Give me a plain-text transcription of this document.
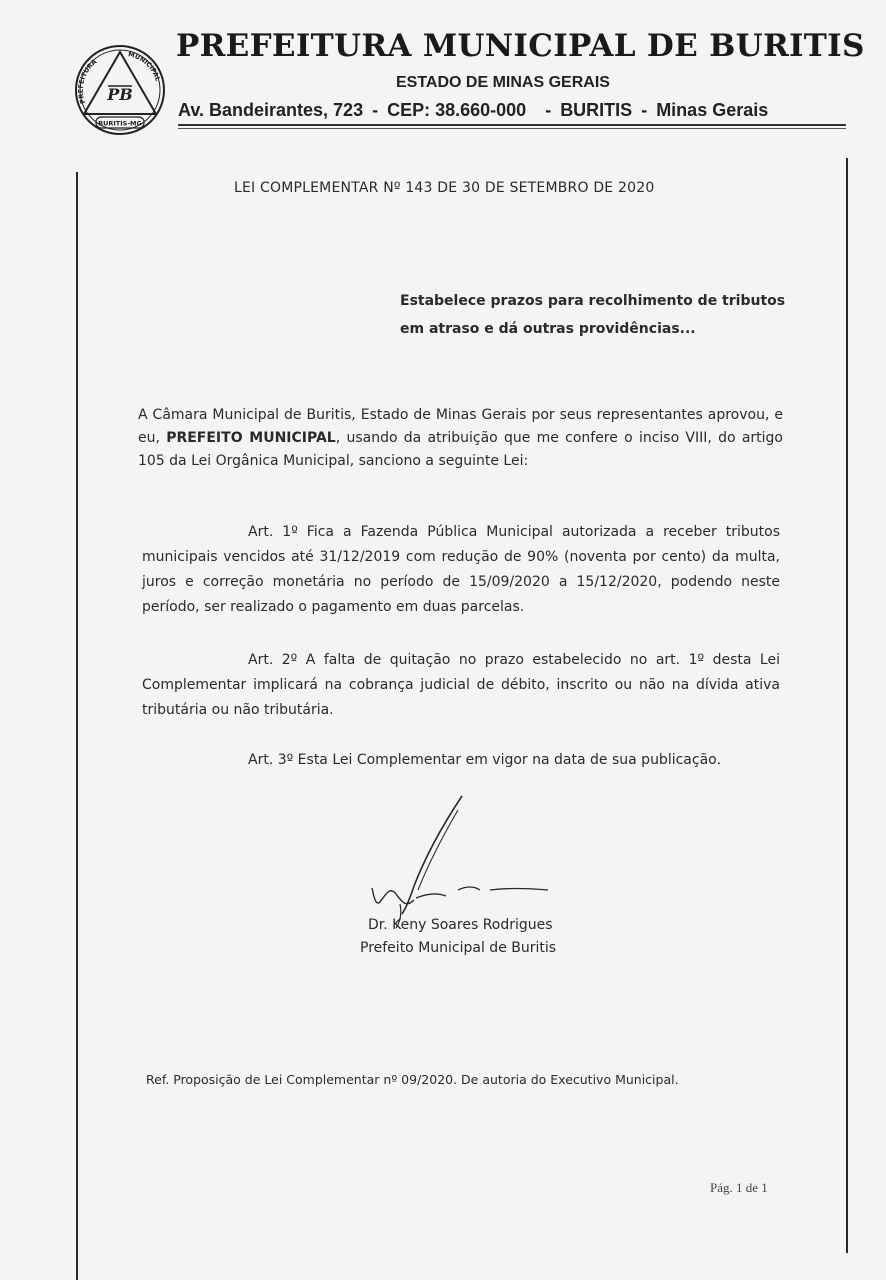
PREFEITURA
MUNICIPAL
PB
BURITIS-MG
PREFEITURA MUNICIPAL DE BURITIS
ESTADO DE MINAS GERAIS
Av. Bandeirantes, 723 - CEP: 38.660-000 - BURITIS - Minas Gerais
LEI COMPLEMENTAR Nº 143 DE 30 DE SETEMBRO DE 2020
Estabelece prazos para recolhimento de tributos em atraso e dá outras providências...
A Câmara Municipal de Buritis, Estado de Minas Gerais por seus representantes aprovou, e eu, PREFEITO MUNICIPAL, usando da atribuição que me confere o inciso VIII, do artigo 105 da Lei Orgânica Municipal, sanciono a seguinte Lei:
Art. 1º Fica a Fazenda Pública Municipal autorizada a receber tributos municipais vencidos até 31/12/2019 com redução de 90% (noventa por cento) da multa, juros e correção monetária no período de 15/09/2020 a 15/12/2020, podendo neste período, ser realizado o pagamento em duas parcelas.
Art. 2º A falta de quitação no prazo estabelecido no art. 1º desta Lei Complementar implicará na cobrança judicial de débito, inscrito ou não na dívida ativa tributária ou não tributária.
Art. 3º Esta Lei Complementar em vigor na data de sua publicação.
Dr. Keny Soares Rodrigues
Prefeito Municipal de Buritis
Ref. Proposição de Lei Complementar nº 09/2020. De autoria do Executivo Municipal.
Pág. 1 de 1
